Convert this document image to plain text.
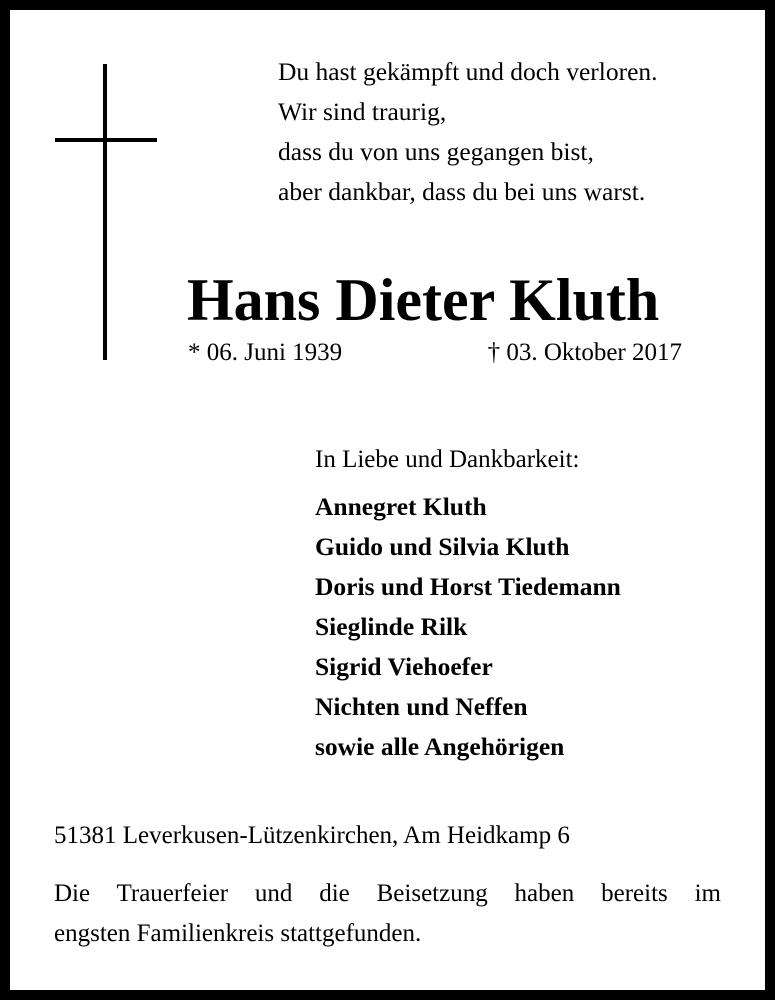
Du hast gekämpft und doch verloren.
Wir sind traurig,
dass du von uns gegangen bist,
aber dankbar, dass du bei uns warst.
Hans Dieter Kluth
* 06. Juni 1939	† 03. Oktober 2017
In Liebe und Dankbarkeit:
Annegret Kluth
Guido und Silvia Kluth
Doris und Horst Tiedemann
Sieglinde Rilk
Sigrid Viehoefer
Nichten und Neffen
sowie alle Angehörigen
51381 Leverkusen-Lützenkirchen, Am Heidkamp 6
Die Trauerfeier und die Beisetzung haben bereits im
engsten Familienkreis stattgefunden.
